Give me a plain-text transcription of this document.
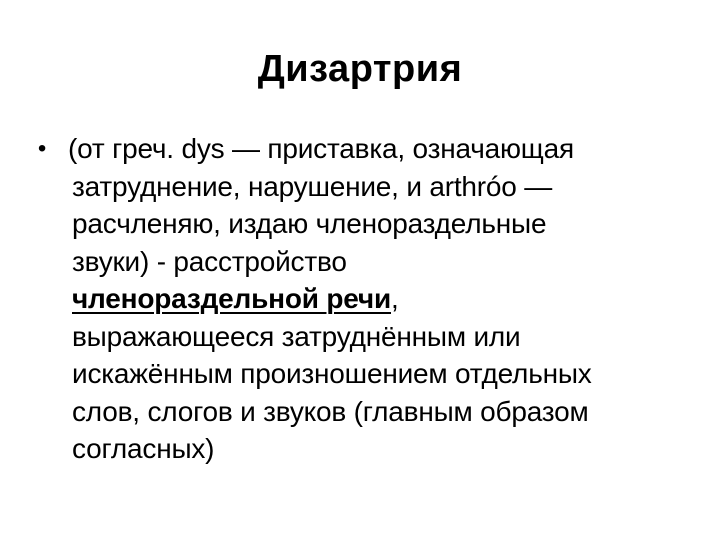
Дизартрия
• (от греч. dys — приставка, означающая
затруднение, нарушение, и arthróo —
расчленяю, издаю членораздельные
звуки) - расстройство
членораздельной речи,
выражающееся затруднённым или
искажённым произношением отдельных
слов, слогов и звуков (главным образом
согласных)
